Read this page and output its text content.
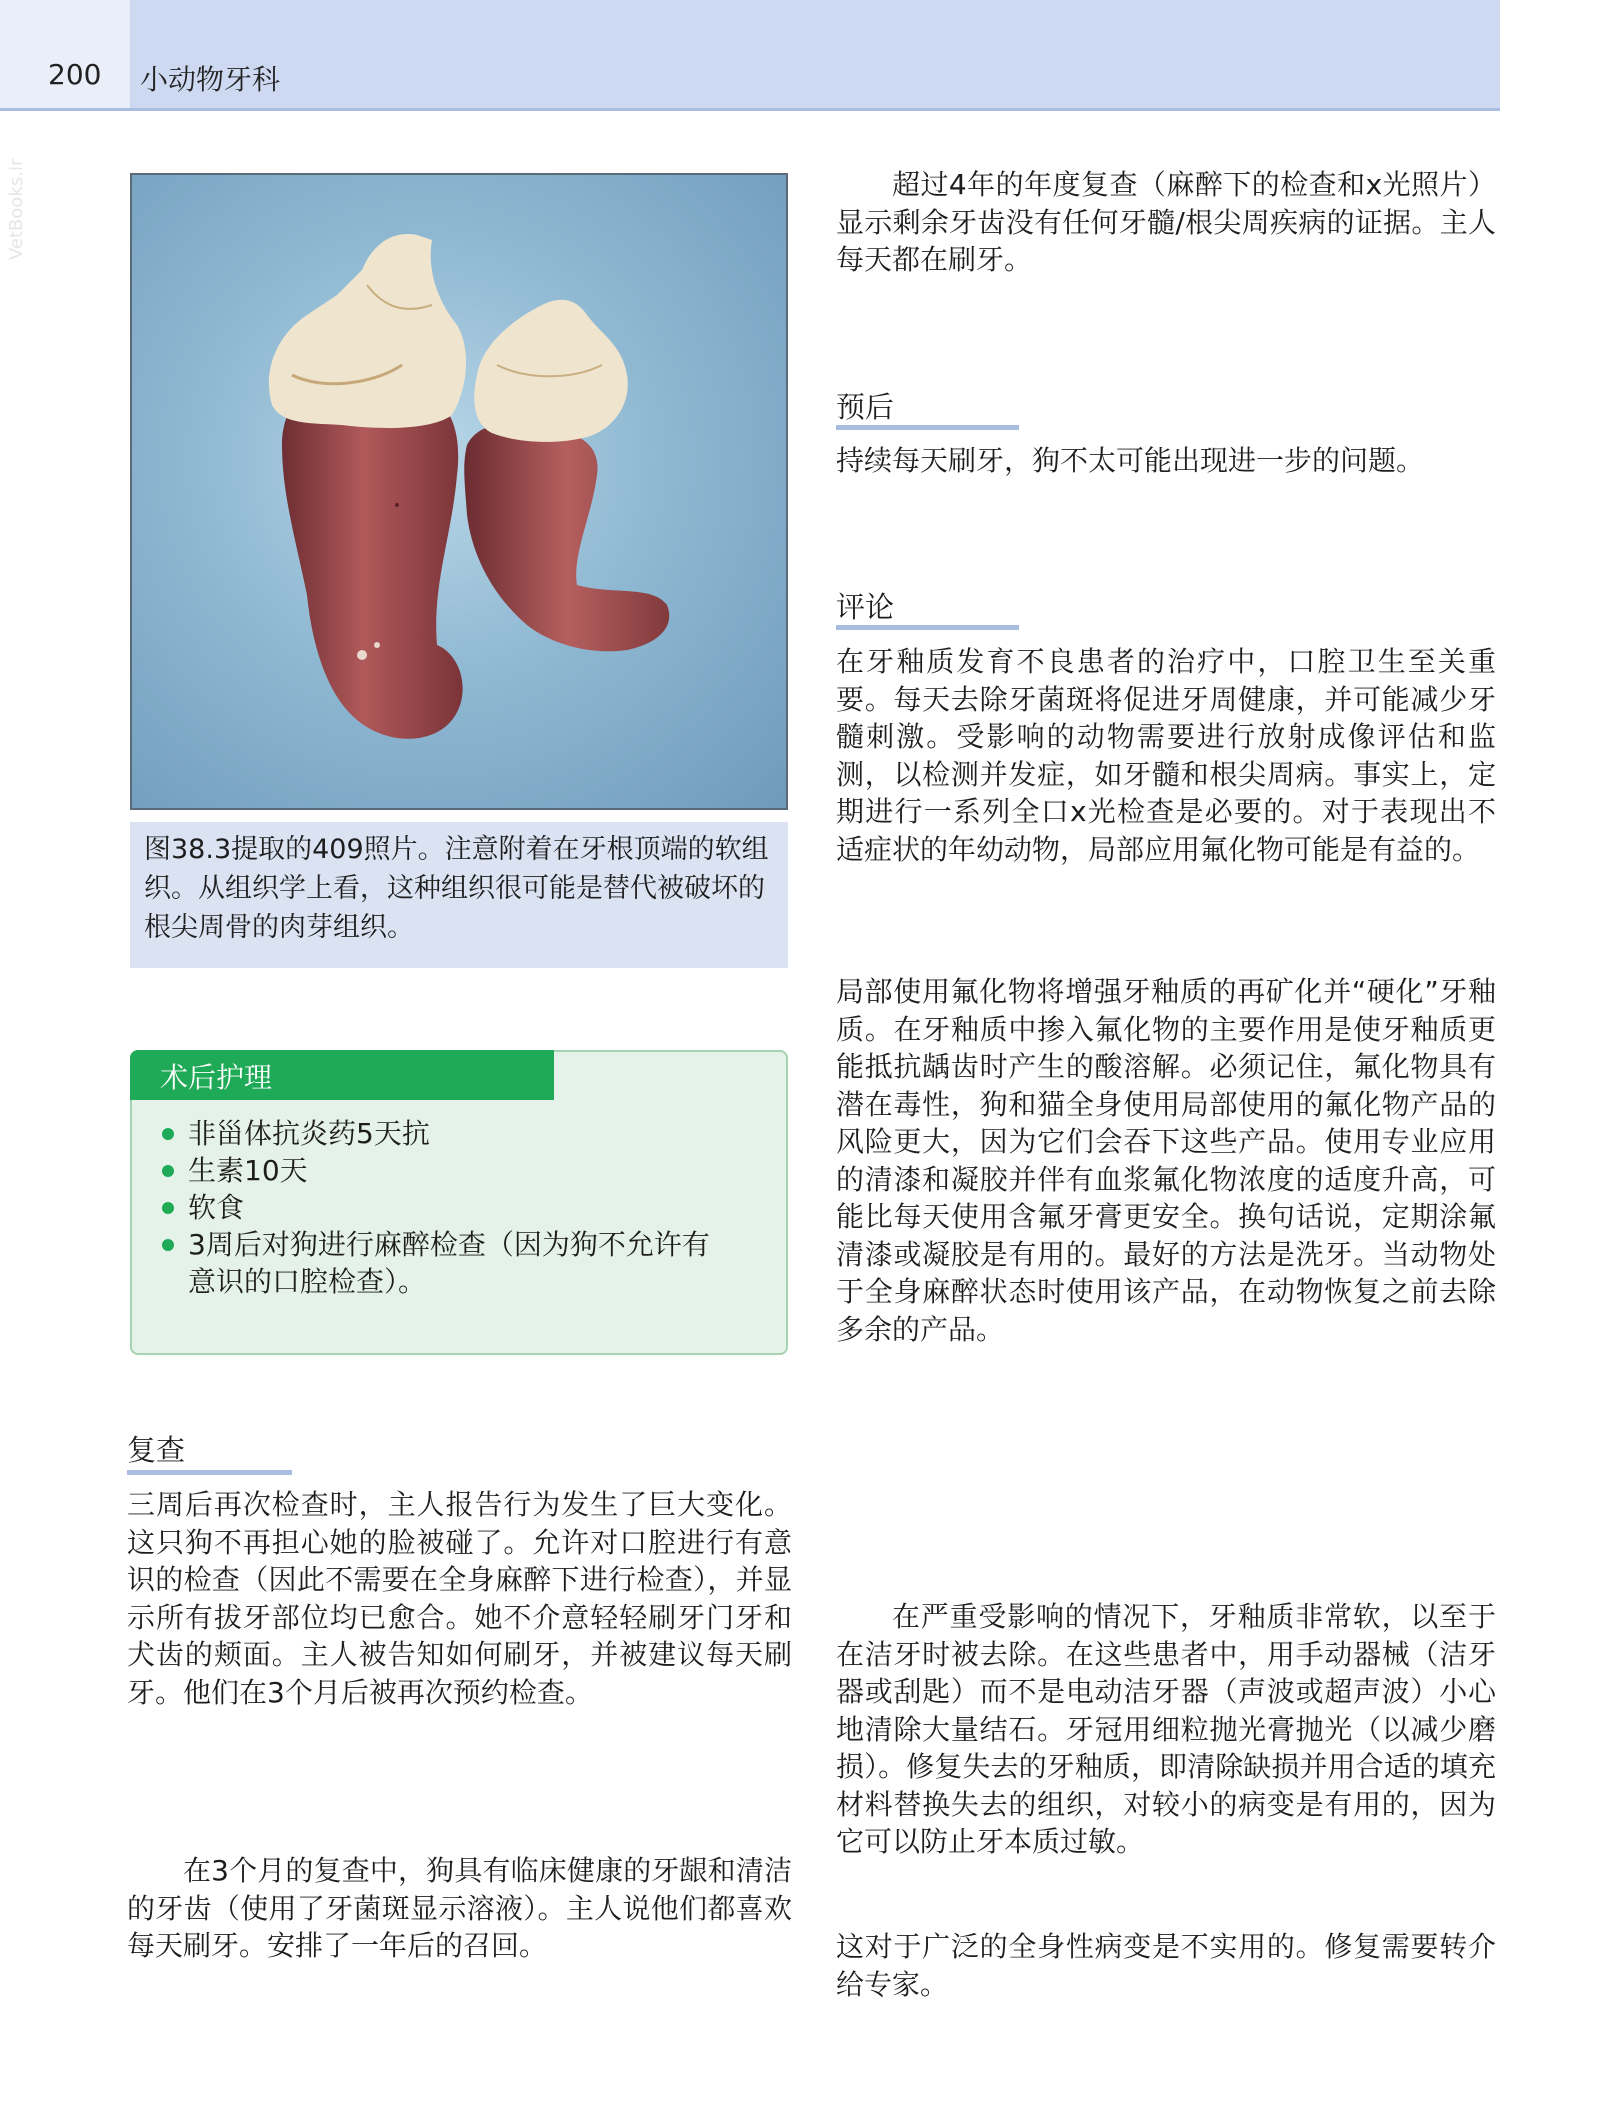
200 小动物牙科
VetBooks.ir

图38.3提取的409照片。注意附着在牙根顶端的软组织。从组织学上看，这种组织很可能是替代被破坏的根尖周骨的肉芽组织。

术后护理
非甾体抗炎药5天抗
生素10天
软食
3周后对狗进行麻醉检查（因为狗不允许有意识的口腔检查）。
复查

三周后再次检查时，主人报告行为发生了巨大变化。这只狗不再担心她的脸被碰了。允许对口腔进行有意识的检查（因此不需要在全身麻醉下进行检查），并显示所有拔牙部位均已愈合。她不介意轻轻刷牙门牙和犬齿的颊面。主人被告知如何刷牙，并被建议每天刷牙。他们在3个月后被再次预约检查。

在3个月的复查中，狗具有临床健康的牙龈和清洁的牙齿（使用了牙菌斑显示溶液）。主人说他们都喜欢每天刷牙。安排了一年后的召回。

超过4年的年度复查（麻醉下的检查和x光照片）显示剩余牙齿没有任何牙髓/根尖周疾病的证据。主人每天都在刷牙。

预后

持续每天刷牙，狗不太可能出现进一步的问题。

评论

在牙釉质发育不良患者的治疗中，口腔卫生至关重要。每天去除牙菌斑将促进牙周健康，并可能减少牙髓刺激。受影响的动物需要进行放射成像评估和监测，以检测并发症，如牙髓和根尖周病。事实上，定期进行一系列全口x光检查是必要的。对于表现出不适症状的年幼动物，局部应用氟化物可能是有益的。

局部使用氟化物将增强牙釉质的再矿化并“硬化”牙釉质。在牙釉质中掺入氟化物的主要作用是使牙釉质更能抵抗龋齿时产生的酸溶解。必须记住，氟化物具有潜在毒性，狗和猫全身使用局部使用的氟化物产品的风险更大，因为它们会吞下这些产品。使用专业应用的清漆和凝胶并伴有血浆氟化物浓度的适度升高，可能比每天使用含氟牙膏更安全。换句话说，定期涂氟清漆或凝胶是有用的。最好的方法是洗牙。当动物处于全身麻醉状态时使用该产品，在动物恢复之前去除多余的产品。

在严重受影响的情况下，牙釉质非常软，以至于在洁牙时被去除。在这些患者中，用手动器械（洁牙器或刮匙）而不是电动洁牙器（声波或超声波）小心地清除大量结石。牙冠用细粒抛光膏抛光（以减少磨损）。修复失去的牙釉质，即清除缺损并用合适的填充材料替换失去的组织，对较小的病变是有用的，因为它可以防止牙本质过敏。

这对于广泛的全身性病变是不实用的。修复需要转介给专家。
